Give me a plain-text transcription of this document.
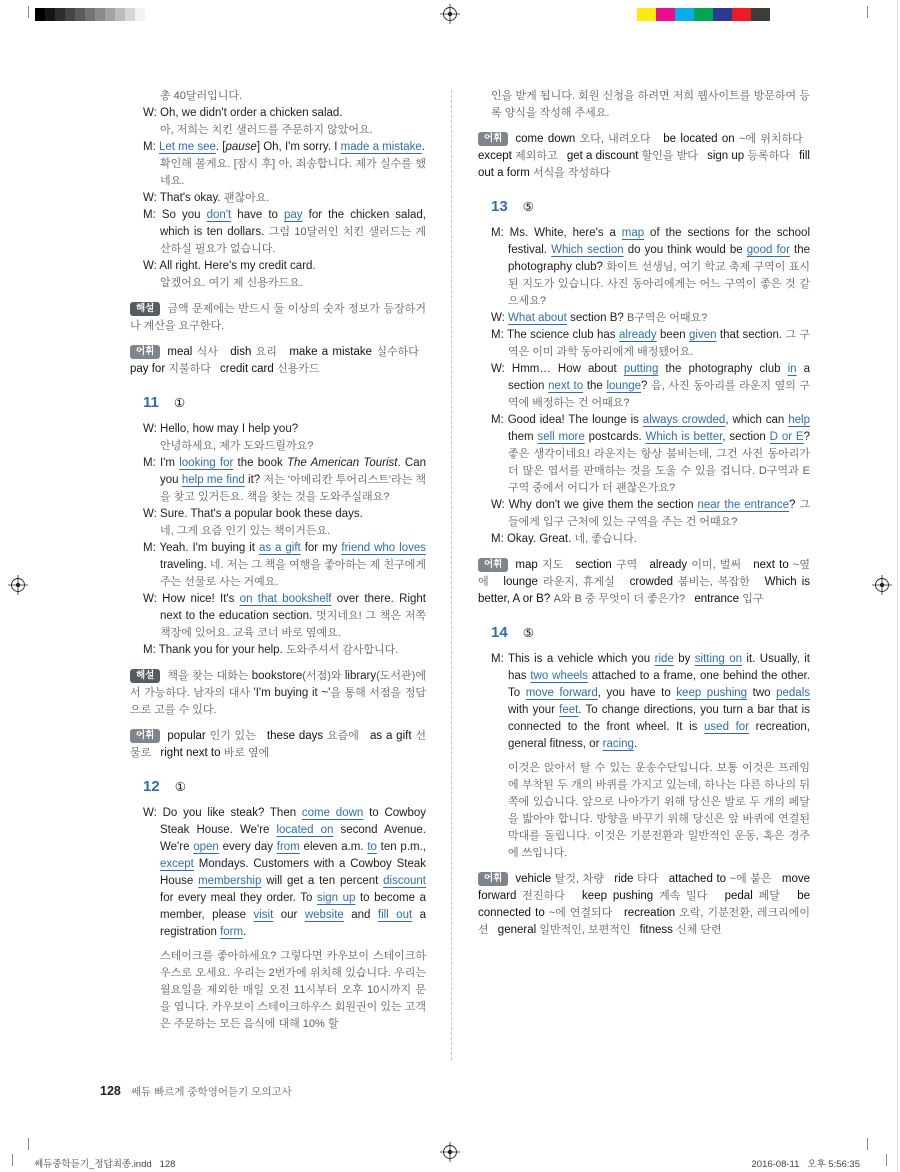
총 40달러입니다.

W: Oh, we didn't order a chicken salad.

아, 저희는 치킨 샐러드를 주문하지 않았어요.

M: Let me see. [pause] Oh, I'm sorry. I made a mistake.

확인해 볼게요. [잠시 후] 아, 죄송합니다. 제가 실수를 했네요.

W: That's okay. 괜찮아요.

M: So you don't have to pay for the chicken salad, which is ten dollars. 그럼 10달러인 치킨 샐러드는 계산하실 필요가 없습니다.

W: All right. Here's my credit card.

알겠어요. 여기 제 신용카드요.

해설 금액 문제에는 반드시 둘 이상의 숫자 정보가 등장하거나 계산을 요구한다.

어휘 meal 식사   dish 요리   make a mistake 실수하다   pay for 지불하다   credit card 신용카드

11 ①

W: Hello, how may I help you?

안녕하세요, 제가 도와드릴까요?

M: I'm looking for the book The American Tourist. Can you help me find it? 저는 '아메리칸 투어리스트'라는 책을 찾고 있거든요. 책을 찾는 것을 도와주실래요?

W: Sure. That's a popular book these days.

네, 그게 요즘 인기 있는 책이거든요.

M: Yeah. I'm buying it as a gift for my friend who loves traveling. 네. 저는 그 책을 여행을 좋아하는 제 친구에게 주는 선물로 사는 거예요.

W: How nice! It's on that bookshelf over there. Right next to the education section. 멋지네요! 그 책은 저쪽 책장에 있어요. 교육 코너 바로 옆예요.

M: Thank you for your help. 도와주셔서 감사합니다.

해설 책을 찾는 대화는 bookstore(서점)와 library(도서관)에서 가능하다. 남자의 대사 'I'm buying it ~'을 통해 서점을 정답으로 고를 수 있다.

어휘 popular 인기 있는   these days 요즘에   as a gift 선물로   right next to 바로 옆에

12 ①

W: Do you like steak? Then come down to Cowboy Steak House. We're located on second Avenue. We're open every day from eleven a.m. to ten p.m., except Mondays. Customers with a Cowboy Steak House membership will get a ten percent discount for every meal they order. To sign up to become a member, please visit our website and fill out a registration form.

스테이크를 좋아하세요? 그렇다면 카우보이 스테이크하우스로 오세요. 우리는 2번가에 위치해 있습니다. 우리는 월요일을 제외한 매일 오전 11시부터 오후 10시까지 문을 엽니다. 카우보이 스테이크하우스 회원권이 있는 고객은 주문하는 모든 음식에 대해 10% 할

인을 받게 됩니다. 회원 신청을 하려면 저희 웹사이트를 방문하여 등록 양식을 작성해 주세요.

어휘 come down 오다, 내려오다   be located on ~에 위치하다   except 제외하고   get a discount 할인을 받다   sign up 등록하다   fill out a form 서식을 작성하다

13 ⑤

M: Ms. White, here's a map of the sections for the school festival. Which section do you think would be good for the photography club? 화이트 선생님, 여기 학교 축제 구역이 표시된 지도가 있습니다. 사진 동아리에게는 어느 구역이 좋은 것 같으세요?

W: What about section B? B구역은 어때요?

M: The science club has already been given that section. 그 구역은 이미 과학 동아리에게 배정됐어요.

W: Hmm… How about putting the photography club in a section next to the lounge? 음, 사진 동아리를 라운지 옆의 구역에 배정하는 건 어때요?

M: Good idea! The lounge is always crowded, which can help them sell more postcards. Which is better, section D or E? 좋은 생각이네요! 라운지는 항상 붐비는데, 그건 사진 동아리가 더 많은 엽서를 판매하는 것을 도울 수 있을 겁니다. D구역과 E구역 중에서 어디가 더 괜찮은가요?

W: Why don't we give them the section near the entrance? 그들에게 입구 근처에 있는 구역을 주는 건 어때요?

M: Okay. Great. 네, 좋습니다.

어휘 map 지도   section 구역   already 이미, 벌써   next to ~옆에   lounge 라운지, 휴게실   crowded 붐비는, 복잡한   Which is better, A or B? A와 B 중 무엇이 더 좋은가?   entrance 입구

14 ⑤

M: This is a vehicle which you ride by sitting on it. Usually, it has two wheels attached to a frame, one behind the other. To move forward, you have to keep pushing two pedals with your feet. To change directions, you turn a bar that is connected to the front wheel. It is used for recreation, general fitness, or racing.

이것은 앉아서 탈 수 있는 운송수단입니다. 보통 이것은 프레임에 부착된 두 개의 바퀴를 가지고 있는데, 하나는 다른 하나의 뒤쪽에 있습니다. 앞으로 나아가기 위해 당신은 발로 두 개의 페달을 밟아야 합니다. 방향을 바꾸기 위해 당신은 앞 바퀴에 연결된 막대를 돌립니다. 이것은 기분전환과 일반적인 운동, 혹은 경주에 쓰입니다.

어휘 vehicle 탈것, 차량   ride 타다   attached to ~에 붙은   move forward 전진하다   keep pushing 계속 밀다   pedal 페달   be connected to ~에 연결되다   recreation 오락, 기분전환, 레크리에이션   general 일반적인, 보편적인   fitness 신체 단련

128 쎄듀 빠르게 중학영어듣기 모의고사
쎄듀중학듣기_정답최종.indd   128	2016-08-11   오후 5:56:35
